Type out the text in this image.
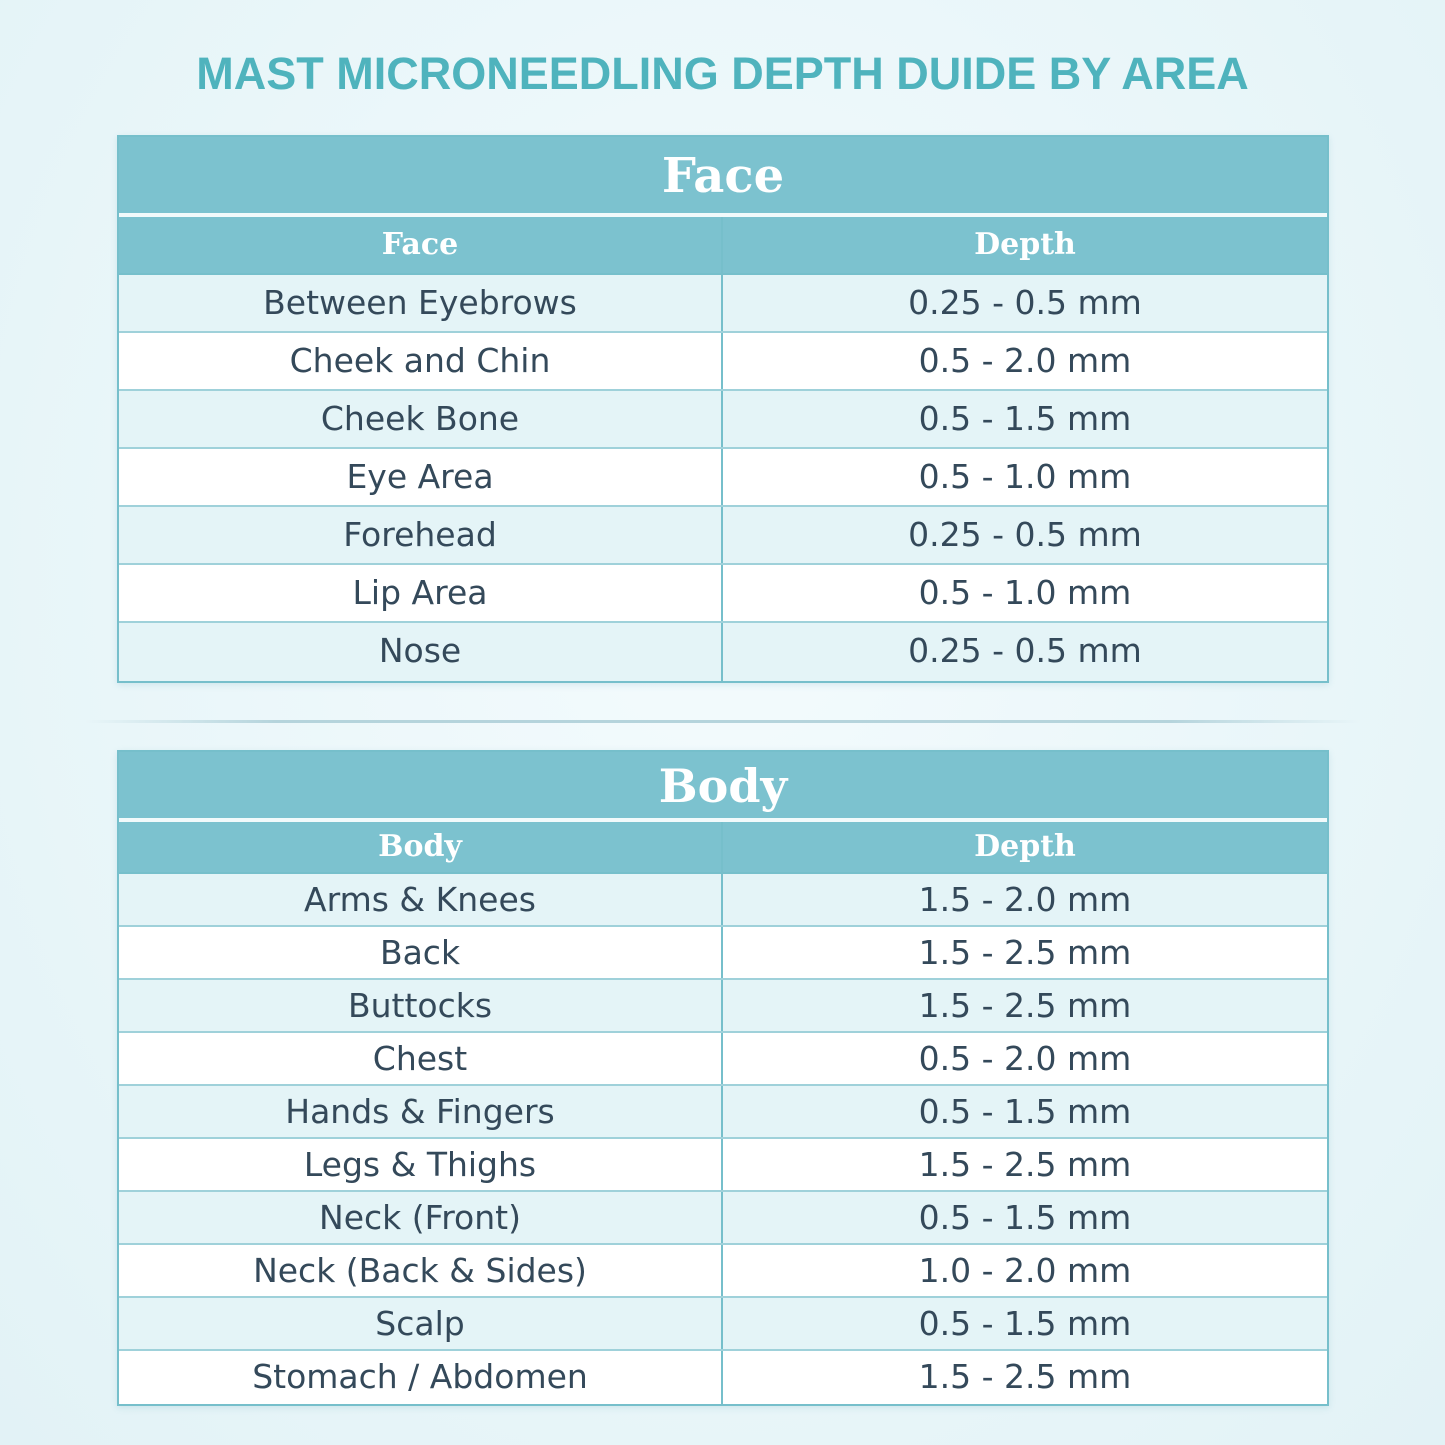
MAST MICRONEEDLING DEPTH DUIDE BY AREA
Face
Face	Depth
Between Eyebrows	0.25 - 0.5 mm
Cheek and Chin	0.5 - 2.0 mm
Cheek Bone	0.5 - 1.5 mm
Eye Area	0.5 - 1.0 mm
Forehead	0.25 - 0.5 mm
Lip Area	0.5 - 1.0 mm
Nose	0.25 - 0.5 mm
Body
Body	Depth
Arms & Knees	1.5 - 2.0 mm
Back	1.5 - 2.5 mm
Buttocks	1.5 - 2.5 mm
Chest	0.5 - 2.0 mm
Hands & Fingers	0.5 - 1.5 mm
Legs & Thighs	1.5 - 2.5 mm
Neck (Front)	0.5 - 1.5 mm
Neck (Back & Sides)	1.0 - 2.0 mm
Scalp	0.5 - 1.5 mm
Stomach / Abdomen	1.5 - 2.5 mm
